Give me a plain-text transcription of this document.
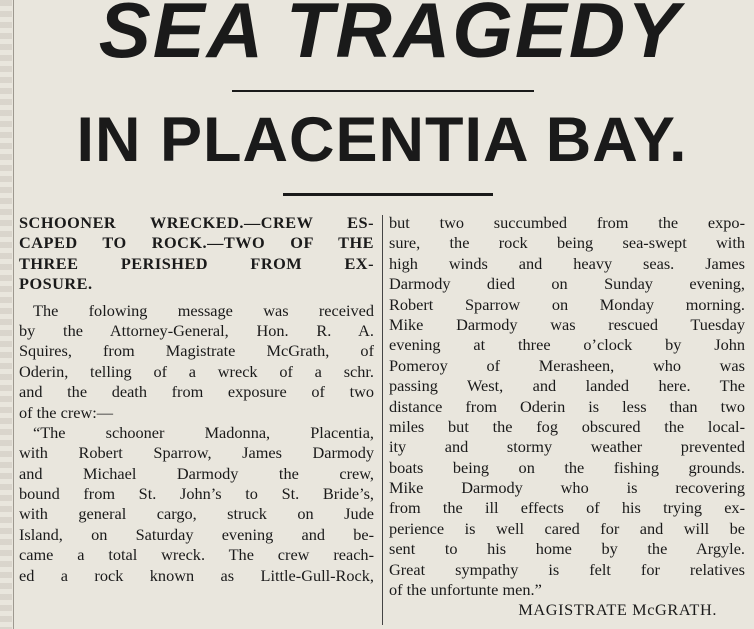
SEA TRAGEDY
IN PLACENTIA BAY.
SCHOONER WRECKED.—CREW ES-
CAPED TO ROCK.—TWO OF THE
THREE PERISHED FROM EX-
POSURE.
The folowing message was received
by the Attorney-General, Hon. R. A.
Squires, from Magistrate McGrath, of
Oderin, telling of a wreck of a schr.
and the death from exposure of two
of the crew:—
“The schooner Madonna, Placentia,
with Robert Sparrow, James Darmody
and Michael Darmody the crew,
bound from St. John’s to St. Bride’s,
with general cargo, struck on Jude
Island, on Saturday evening and be-
came a total wreck. The crew reach-
ed a rock known as Little-Gull-Rock,
but two succumbed from the expo-
sure, the rock being sea-swept with
high winds and heavy seas. James
Darmody died on Sunday evening,
Robert Sparrow on Monday morning.
Mike Darmody was rescued Tuesday
evening at three o’clock by John
Pomeroy of Merasheen, who was
passing West, and landed here. The
distance from Oderin is less than two
miles but the fog obscured the local-
ity and stormy weather prevented
boats being on the fishing grounds.
Mike Darmody who is recovering
from the ill effects of his trying ex-
perience is well cared for and will be
sent to his home by the Argyle.
Great sympathy is felt for relatives
of the unfortunte men.”
MAGISTRATE McGRATH.
